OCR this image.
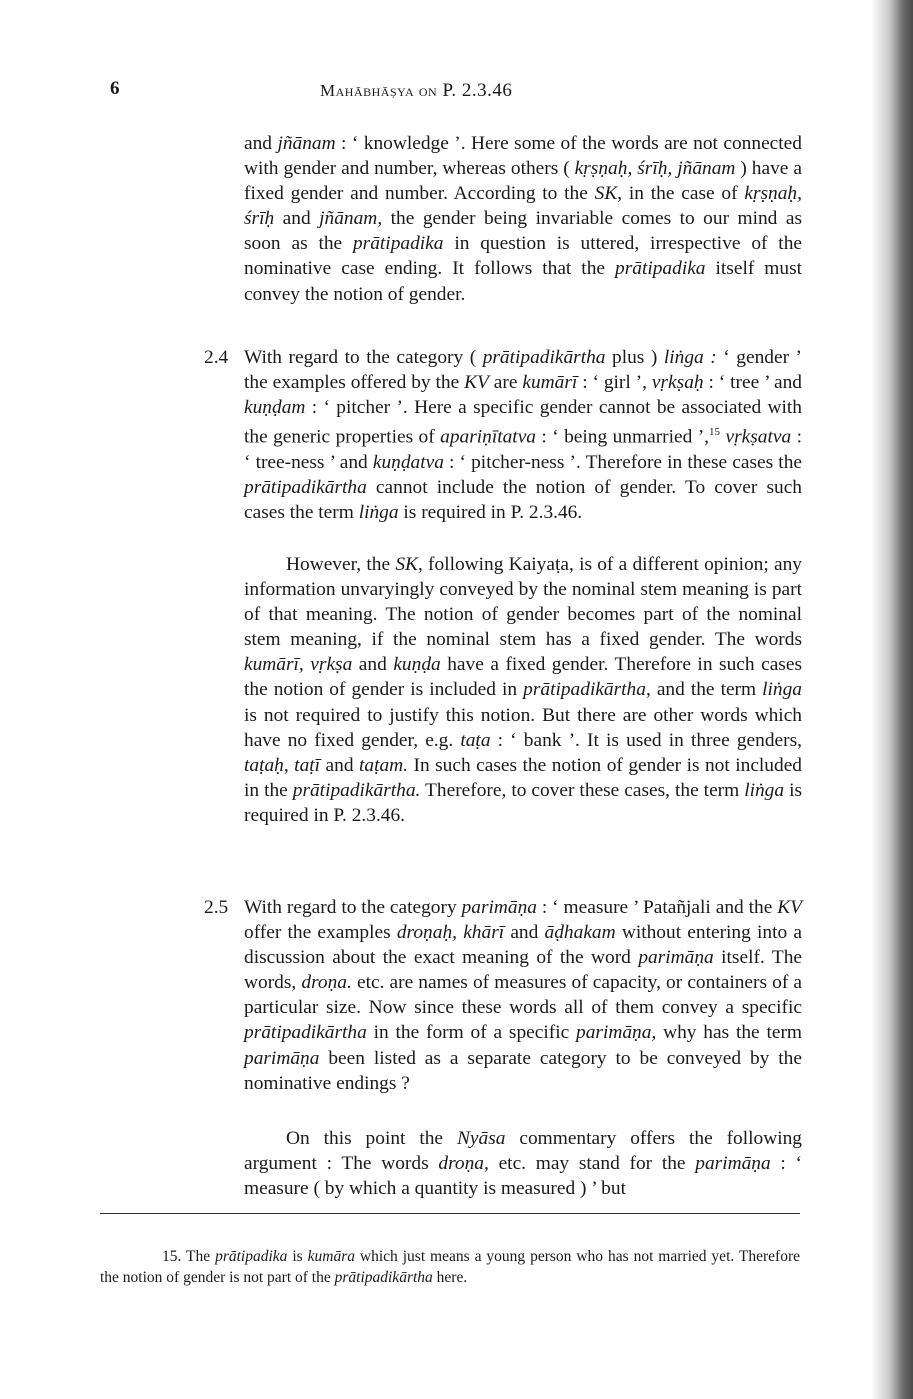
6	Mahābhāṣya on P. 2.3.46

and jñānam : ‘ knowledge ’. Here some of the words are not connected with gender and number, whereas others ( kṛṣṇaḥ, śrīḥ, jñānam ) have a fixed gender and number. According to the SK, in the case of kṛṣṇaḥ, śrīḥ and jñānam, the gender being invariable comes to our mind as soon as the prātipadika in question is uttered, irrespective of the nominative case ending. It follows that the prātipadika itself must convey the notion of gender.

2.4 With regard to the category ( prātipadikārtha plus ) liṅga : ‘ gender ’ the examples offered by the KV are kumārī : ‘ girl ’, vṛkṣaḥ : ‘ tree ’ and kuṇḍam : ‘ pitcher ’. Here a specific gender cannot be associated with the generic properties of apariṇītatva : ‘ being unmarried ’,$^{15}$ vṛkṣatva : ‘ tree-ness ’ and kuṇḍatva : ‘ pitcher-ness ’. Therefore in these cases the prātipadikārtha cannot include the notion of gender. To cover such cases the term liṅga is required in P. 2.3.46.

However, the SK, following Kaiyaṭa, is of a different opinion; any information unvaryingly conveyed by the nominal stem meaning is part of that meaning. The notion of gender becomes part of the nominal stem meaning, if the nominal stem has a fixed gender. The words kumārī, vṛkṣa and kuṇḍa have a fixed gender. Therefore in such cases the notion of gender is included in prātipadikārtha, and the term liṅga is not required to justify this notion. But there are other words which have no fixed gender, e.g. taṭa : ‘ bank ’. It is used in three genders, taṭaḥ, taṭī and taṭam. In such cases the notion of gender is not included in the prātipadikārtha. Therefore, to cover these cases, the term liṅga is required in P. 2.3.46.

2.5 With regard to the category parimāṇa : ‘ measure ’ Patañjali and the KV offer the examples droṇaḥ, khārī and āḍhakam without entering into a discussion about the exact meaning of the word parimāṇa itself. The words, droṇa. etc. are names of measures of capacity, or containers of a particular size. Now since these words all of them convey a specific prātipadikārtha in the form of a specific parimāṇa, why has the term parimāṇa been listed as a separate category to be conveyed by the nominative endings ?

On this point the Nyāsa commentary offers the following argument : The words droṇa, etc. may stand for the parimāṇa : ‘ measure ( by which a quantity is measured ) ’ but

15. The prātipadika is kumāra which just means a young person who has not married yet. Therefore the notion of gender is not part of the prātipadikārtha here.
